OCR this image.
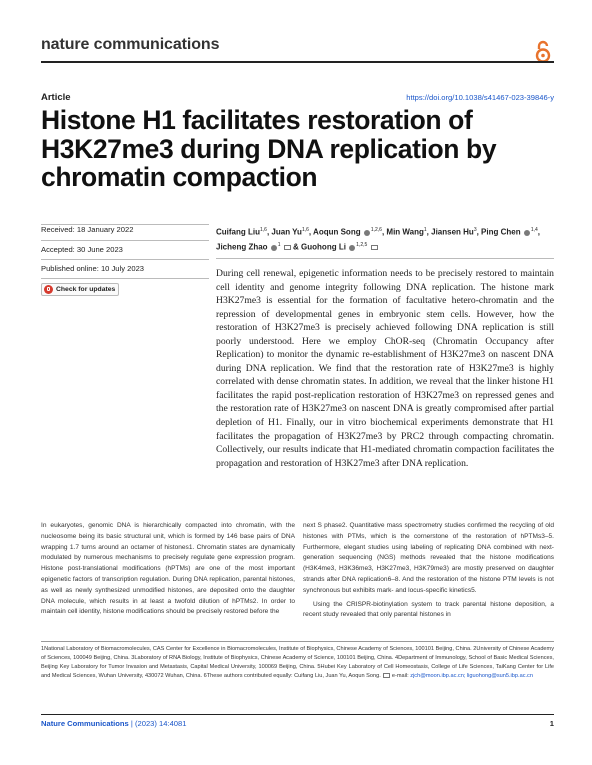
nature communications
Article	https://doi.org/10.1038/s41467-023-39846-y
Histone H1 facilitates restoration of H3K27me3 during DNA replication by chromatin compaction
Received: 18 January 2022
Accepted: 30 June 2023
Published online: 10 July 2023
Check for updates
Cuifang Liu$^{1,6}$, Juan Yu$^{1,6}$, Aoqun Song $^{1,2,6}$, Min Wang$^1$, Jiansen Hu$^3$, Ping Chen $^{1,4}$, Jicheng Zhao $^1$  & Guohong Li $^{1,2,5}$

During cell renewal, epigenetic information needs to be precisely restored to maintain cell identity and genome integrity following DNA replication. The histone mark H3K27me3 is essential for the formation of facultative hetero-chromatin and the repression of developmental genes in embryonic stem cells. However, how the restoration of H3K27me3 is precisely achieved following DNA replication is still poorly understood. Here we employ ChOR-seq (Chromatin Occupancy after Replication) to monitor the dynamic re-establishment of H3K27me3 on nascent DNA during DNA replication. We find that the restoration rate of H3K27me3 is highly correlated with dense chromatin states. In addition, we reveal that the linker histone H1 facilitates the rapid post-replication restoration of H3K27me3 on repressed genes and the restoration rate of H3K27me3 on nascent DNA is greatly compromised after partial depletion of H1. Finally, our in vitro biochemical experiments demonstrate that H1 facilitates the propagation of H3K27me3 by PRC2 through compacting chromatin. Collectively, our results indicate that H1-mediated chromatin compaction facilitates the propagation and restoration of H3K27me3 after DNA replication.

In eukaryotes, genomic DNA is hierarchically compacted into chromatin, with the nucleosome being its basic structural unit, which is formed by 146 base pairs of DNA wrapping 1.7 turns around an octamer of histones1. Chromatin states are dynamically modulated by numerous mechanisms to precisely regulate gene expression program. Histone post-translational modifications (hPTMs) are one of the most important epigenetic factors of transcription regulation. During DNA replication, parental histones, as well as newly synthesized unmodified histones, are deposited onto the daughter DNA molecule, which results in at least a twofold dilution of hPTMs2. In order to maintain cell identity, histone modifications should be precisely restored before the

next S phase2. Quantitative mass spectrometry studies confirmed the recycling of old histones with PTMs, which is the cornerstone of the restoration of hPTMs3–5. Furthermore, elegant studies using labeling of replicating DNA combined with next-generation sequencing (NGS) methods revealed that the histone modifications (H3K4me3, H3K36me3, H3K27me3, H3K79me3) are mostly preserved on daughter strands after DNA replication6–8. And the restoration of the histone PTM levels is not synchronous but exhibits mark- and locus-specific kinetics5.
Using the CRISPR-biotinylation system to track parental histone deposition, a recent study revealed that only parental histones in

1National Laboratory of Biomacromolecules, CAS Center for Excellence in Biomacromolecules, Institute of Biophysics, Chinese Academy of Sciences, 100101 Beijing, China. 2University of Chinese Academy of Sciences, 100049 Beijing, China. 3Laboratory of RNA Biology, Institute of Biophysics, Chinese Academy of Science, 100101 Beijing, China. 4Department of Immunology, School of Basic Medical Sciences, Beijing Key Laboratory for Tumor Invasion and Metastasis, Capital Medical University, 100069 Beijing, China. 5Hubei Key Laboratory of Cell Homeostasis, College of Life Sciences, TaiKang Center for Life and Medical Sciences, Wuhan University, 430072 Wuhan, China. 6These authors contributed equally: Cuifang Liu, Juan Yu, Aoqun Song. e-mail: zjch@moon.ibp.ac.cn; liguohong@sun5.ibp.ac.cn

Nature Communications | (2023) 14:4081	1
